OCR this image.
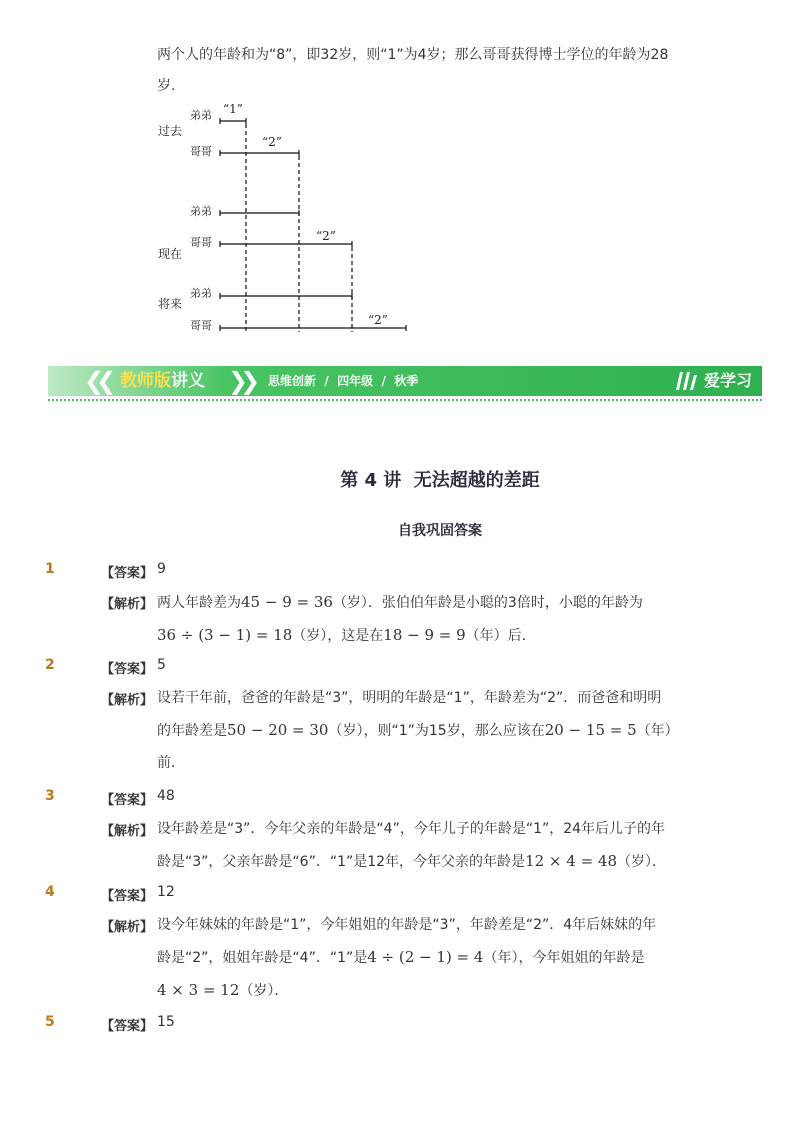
两个人的年龄和为“8”，即32岁，则“1”为4岁；那么哥哥获得博士学位的年龄为28

岁.

过去
现在
将来
弟弟
哥哥
弟弟
哥哥
弟弟
哥哥
“1”
“2”
“2”
“2”
❮❮ 教师版讲义 ❯❯ 思维创新  /  四年级  /  秋季	爱学习
第 4 讲  无法超越的差距
自我巩固答案
1	【答案】 9
【解析】 两人年龄差为45 − 9 = 36（岁）．张伯伯年龄是小聪的3倍时，小聪的年龄为

36 ÷ (3 − 1) = 18（岁），这是在18 − 9 = 9（年）后．

2	【答案】 5
【解析】 设若干年前，爸爸的年龄是“3”，明明的年龄是“1”，年龄差为“2”．而爸爸和明明

的年龄差是50 − 20 = 30（岁），则“1”为15岁，那么应该在20 − 15 = 5（年）

前．

3	【答案】 48
【解析】 设年龄差是“3”．今年父亲的年龄是“4”，今年儿子的年龄是“1”，24年后儿子的年

龄是“3”，父亲年龄是“6”．“1”是12年，今年父亲的年龄是12 × 4 = 48（岁）．

4	【答案】 12
【解析】 设今年妹妹的年龄是“1”，今年姐姐的年龄是“3”，年龄差是“2”．4年后妹妹的年

龄是“2”，姐姐年龄是“4”．“1”是4 ÷ (2 − 1) = 4（年），今年姐姐的年龄是

4 × 3 = 12（岁）．

5	【答案】 15
